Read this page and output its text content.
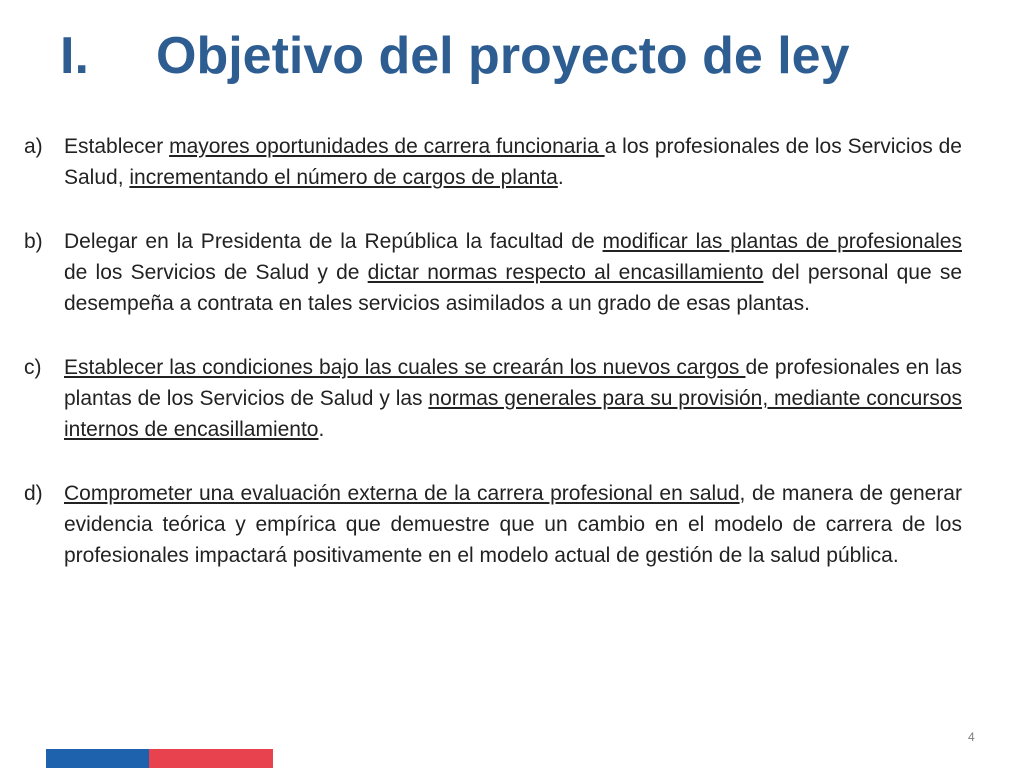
I. Objetivo del proyecto de ley
a)	Establecer mayores oportunidades de carrera funcionaria a los profesionales de los Servicios de Salud, incrementando el número de cargos de planta.
b)	Delegar en la Presidenta de la República la facultad de modificar las plantas de profesionales de los Servicios de Salud y de dictar normas respecto al encasillamiento del personal que se desempeña a contrata en tales servicios asimilados a un grado de esas plantas.
c)	Establecer las condiciones bajo las cuales se crearán los nuevos cargos de profesionales en las plantas de los Servicios de Salud y las normas generales para su provisión, mediante concursos internos de encasillamiento.
d)	Comprometer una evaluación externa de la carrera profesional en salud, de manera de generar evidencia teórica y empírica que demuestre que un cambio en el modelo de carrera de los profesionales impactará positivamente en el modelo actual de gestión de la salud pública.
4
